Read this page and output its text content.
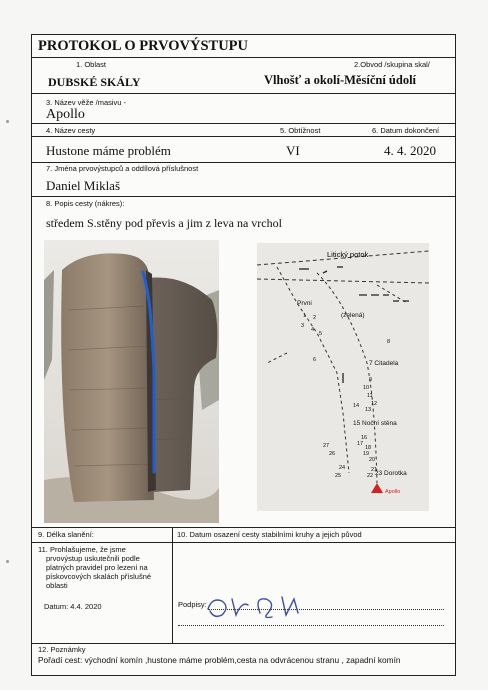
PROTOKOL O PRVOVÝSTUPU
1. Oblast	2.Obvod /skupina skal/
DUBSKÉ SKÁLY	Vlhošť a okolí-Měsíční údolí
3. Název věže /masivu -
Apollo
4. Název cesty	5. Obtížnost	6. Datum dokončení
Hustone máme problém	VI	4. 4. 2020
7. Jména prvovýstupců a oddílová příslušnost
Daniel Miklaš
8. Popis cesty (nákres):
středem S.stěny pod převis a jim z leva na vrchol
Litický potok
Prvni
(zelená)
7 Citadela
15 Noční stěna
23 Dorotka
Apollo
1 2
3
4
5
6
8
9
10
11
12
13
14
16
17
18
19
20
21
22
24
25
26
27
9. Délka slanění:	10. Datum osazení cesty stabilními kruhy a jejich původ
11. Prohlašujeme, že jsme
prvovýstup uskutečnili podle
platných pravidel pro lezení na
pískovcových skalách příslušné
oblasti
Datum: 4.4. 2020	Podpisy:
12. Poznámky
Pořadí cest: východní komín ,hustone máme problém,cesta na odvrácenou stranu , zapadní komín
